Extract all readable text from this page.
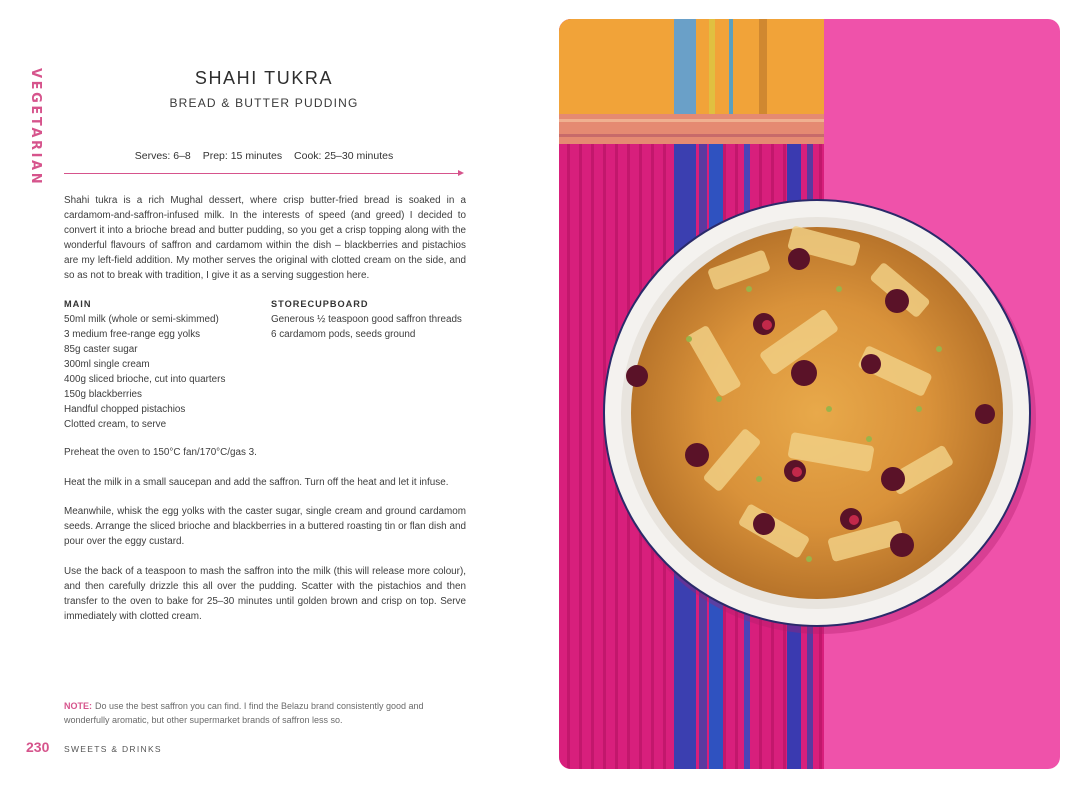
VEGETARIAN	SHAHI TUKRA
BREAD & BUTTER PUDDING
Serves: 6–8 Prep: 15 minutes Cook: 25–30 minutes

Shahi tukra is a rich Mughal dessert, where crisp butter-fried bread is soaked in a cardamom-and-saffron-infused milk. In the interests of speed (and greed) I decided to convert it into a brioche bread and butter pudding, so you get a crisp topping along with the wonderful flavours of saffron and cardamom within the dish – blackberries and pistachios are my left-field addition. My mother serves the original with clotted cream on the side, and so as not to break with tradition, I give it as a serving suggestion here.

MAIN
50ml milk (whole or semi-skimmed)
3 medium free-range egg yolks
85g caster sugar
300ml single cream
400g sliced brioche, cut into quarters
150g blackberries
Handful chopped pistachios
Clotted cream, to serve
STORECUPBOARD
Generous ½ teaspoon good saffron threads
6 cardamom pods, seeds ground

Preheat the oven to 150°C fan/170°C/gas 3.

Heat the milk in a small saucepan and add the saffron. Turn off the heat and let it infuse.

Meanwhile, whisk the egg yolks with the caster sugar, single cream and ground cardamom seeds. Arrange the sliced brioche and blackberries in a buttered roasting tin or flan dish and pour over the eggy custard.

Use the back of a teaspoon to mash the saffron into the milk (this will release more colour), and then carefully drizzle this all over the pudding. Scatter with the pistachios and then transfer to the oven to bake for 25–30 minutes until golden brown and crisp on top. Serve immediately with clotted cream.

NOTE: Do use the best saffron you can find. I find the Belazu brand consistently good and wonderfully aromatic, but other supermarket brands of saffron less so.
230 SWEETS & DRINKS
